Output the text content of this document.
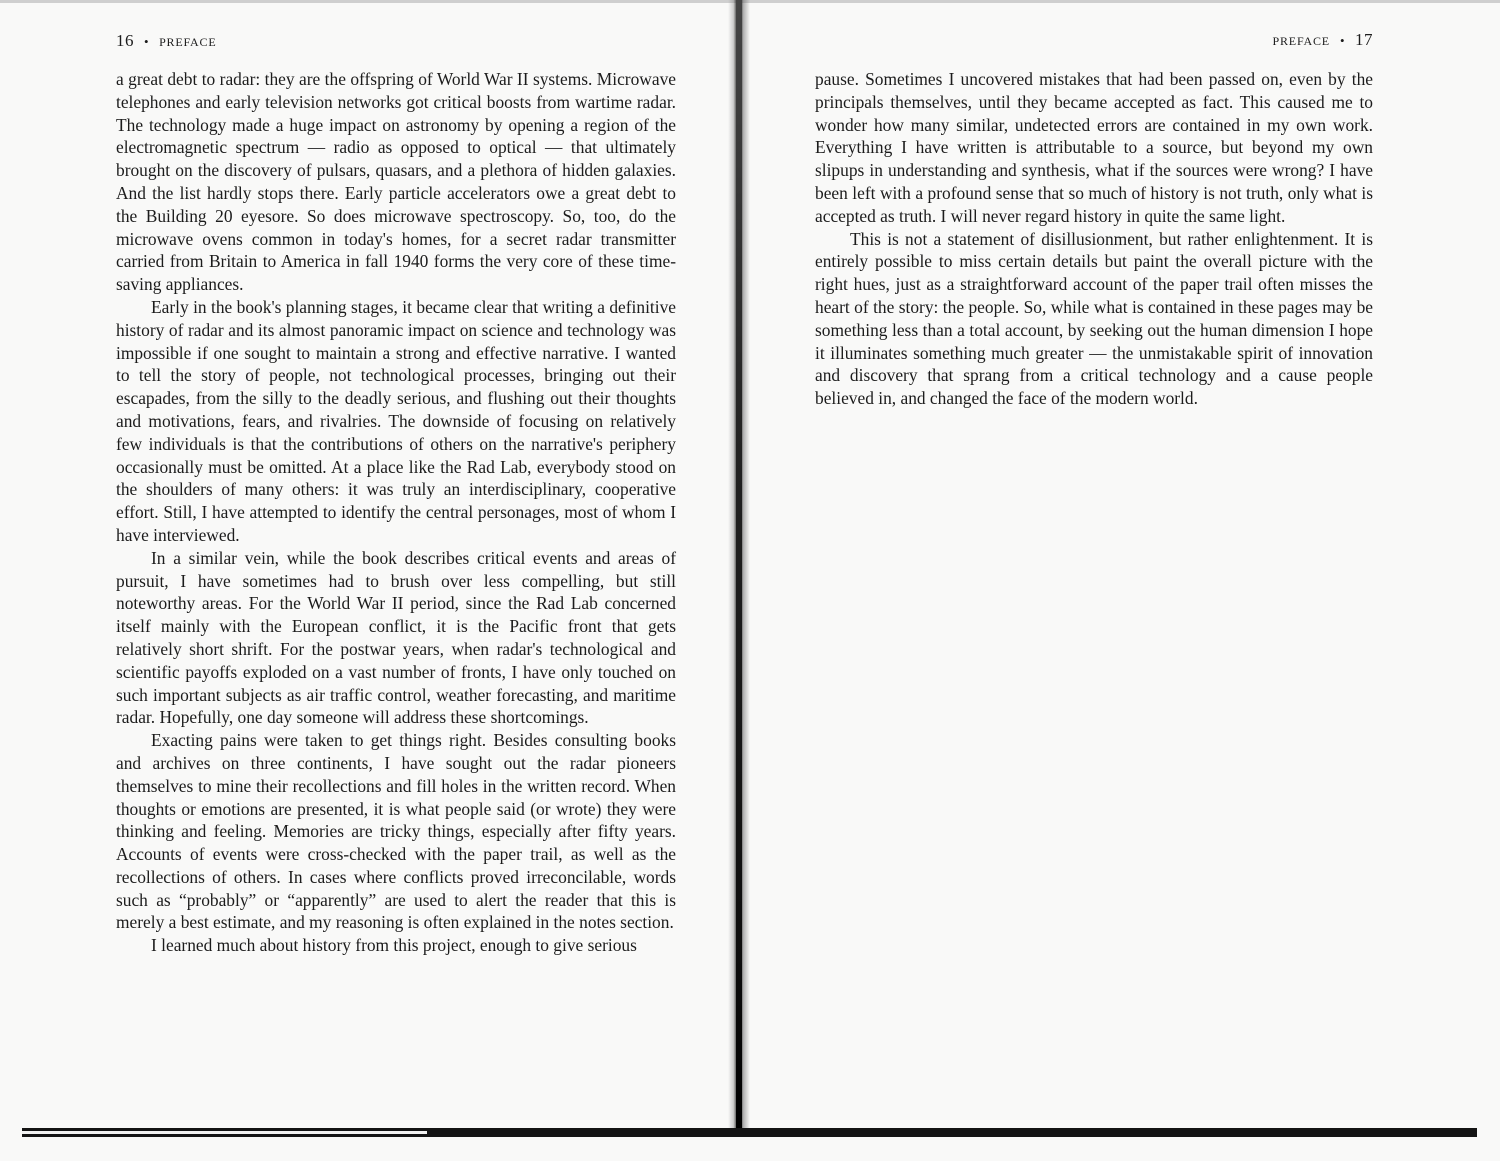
16 • PREFACE

a great debt to radar: they are the offspring of World War II systems. Microwave telephones and early television networks got critical boosts from wartime radar. The technology made a huge impact on astronomy by opening a region of the electromagnetic spectrum — radio as opposed to optical — that ultimately brought on the discovery of pulsars, quasars, and a plethora of hidden galaxies. And the list hardly stops there. Early particle accelerators owe a great debt to the Building 20 eyesore. So does microwave spectroscopy. So, too, do the microwave ovens common in today's homes, for a secret radar transmitter carried from Britain to America in fall 1940 forms the very core of these time-saving appliances.

Early in the book's planning stages, it became clear that writing a definitive history of radar and its almost panoramic impact on science and technology was impossible if one sought to maintain a strong and effective narrative. I wanted to tell the story of people, not technological processes, bringing out their escapades, from the silly to the deadly serious, and flushing out their thoughts and motivations, fears, and rivalries. The downside of focusing on relatively few individuals is that the contributions of others on the narrative's periphery occasionally must be omitted. At a place like the Rad Lab, everybody stood on the shoulders of many others: it was truly an interdisciplinary, cooperative effort. Still, I have attempted to identify the central personages, most of whom I have interviewed.

In a similar vein, while the book describes critical events and areas of pursuit, I have sometimes had to brush over less compelling, but still noteworthy areas. For the World War II period, since the Rad Lab concerned itself mainly with the European conflict, it is the Pacific front that gets relatively short shrift. For the postwar years, when radar's technological and scientific payoffs exploded on a vast number of fronts, I have only touched on such important subjects as air traffic control, weather forecasting, and maritime radar. Hopefully, one day someone will address these shortcomings.

Exacting pains were taken to get things right. Besides consulting books and archives on three continents, I have sought out the radar pioneers themselves to mine their recollections and fill holes in the written record. When thoughts or emotions are presented, it is what people said (or wrote) they were thinking and feeling. Memories are tricky things, especially after fifty years. Accounts of events were cross-checked with the paper trail, as well as the recollections of others. In cases where conflicts proved irreconcilable, words such as “probably” or “apparently” are used to alert the reader that this is merely a best estimate, and my reasoning is often explained in the notes section.

I learned much about history from this project, enough to give serious

PREFACE • 17

pause. Sometimes I uncovered mistakes that had been passed on, even by the principals themselves, until they became accepted as fact. This caused me to wonder how many similar, undetected errors are contained in my own work. Everything I have written is attributable to a source, but beyond my own slipups in understanding and synthesis, what if the sources were wrong? I have been left with a profound sense that so much of history is not truth, only what is accepted as truth. I will never regard history in quite the same light.

This is not a statement of disillusionment, but rather enlightenment. It is entirely possible to miss certain details but paint the overall picture with the right hues, just as a straightforward account of the paper trail often misses the heart of the story: the people. So, while what is contained in these pages may be something less than a total account, by seeking out the human dimension I hope it illuminates something much greater — the unmistakable spirit of innovation and discovery that sprang from a critical technology and a cause people believed in, and changed the face of the modern world.
